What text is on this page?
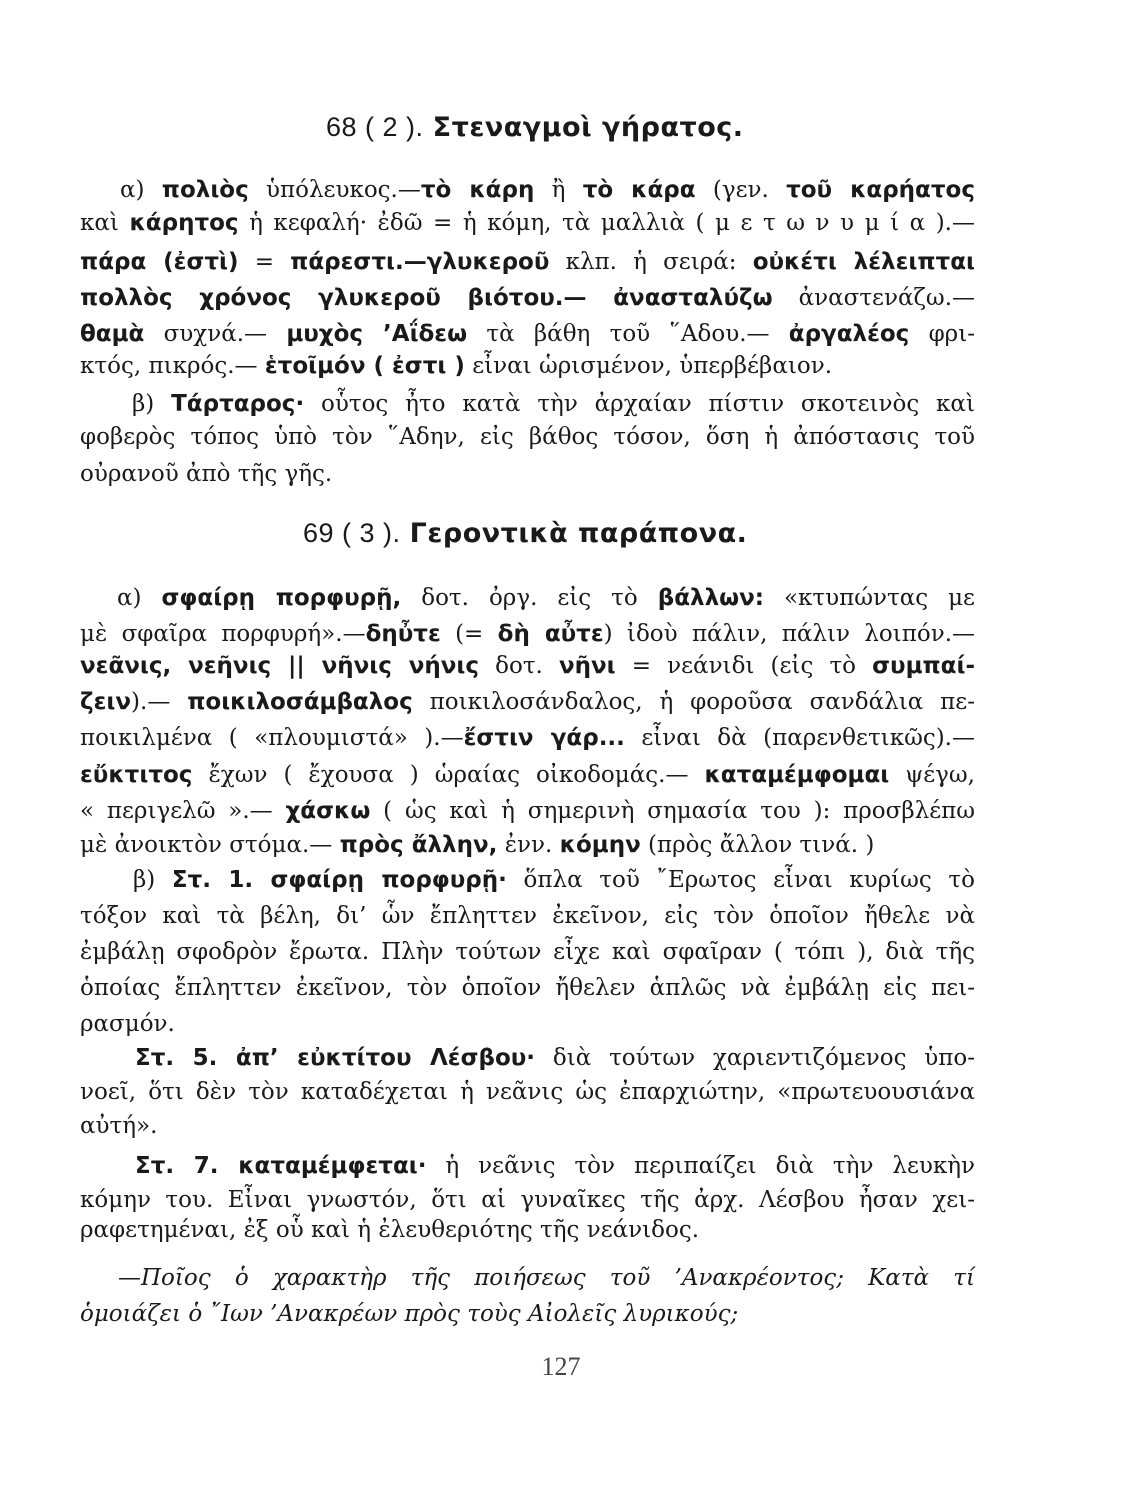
68 ( 2 ). Στεναγμοὶ γήρατος.
α) πολιὸς ὑπόλευκος.—τὸ κάρη ἢ τὸ κάρα (γεν. τοῦ καρήατος
καὶ κάρητος ἡ κεφαλή· ἐδῶ = ἡ κόμη, τὰ μαλλιὰ ( μ ε τ ω ν υ μ ί α ).—
πάρα (ἐστὶ) = πάρεστι.—γλυκεροῦ κλπ. ἡ σειρά: οὐκέτι λέλειπται
πολλὸς χρόνος γλυκεροῦ βιότου.— ἀνασταλύζω ἀναστενάζω.—
θαμὰ συχνά.— μυχὸς ’Αΐδεω τὰ βάθη τοῦ ῞Αδου.— ἀργαλέος φρι-
κτός, πικρός.— ἑτοῖμόν ( ἐστι ) εἶναι ὡρισμένον, ὑπερβέβαιον.
β) Τάρταρος· οὗτος ἦτο κατὰ τὴν ἀρχαίαν πίστιν σκοτεινὸς καὶ
φοβερὸς τόπος ὑπὸ τὸν ῞Αδην, εἰς βάθος τόσον, ὅση ἡ ἀπόστασις τοῦ
οὐρανοῦ ἀπὸ τῆς γῆς.
69 ( 3 ). Γεροντικὰ παράπονα.
α) σφαίρῃ πορφυρῇ, δοτ. ὀργ. εἰς τὸ βάλλων: «κτυπώντας με
μὲ σφαῖρα πορφυρή».—δηὖτε (= δὴ αὖτε) ἰδοὺ πάλιν, πάλιν λοιπόν.—
νεᾶνις, νεῆνις || νῆνις νήνις δοτ. νῆνι = νεάνιδι (εἰς τὸ συμπαί-
ζειν).— ποικιλοσάμβαλος ποικιλοσάνδαλος, ἡ φοροῦσα σανδάλια πε-
ποικιλμένα ( «πλουμιστά» ).—ἔστιν γάρ... εἶναι δὰ (παρενθετικῶς).—
εὔκτιτος ἔχων ( ἔχουσα ) ὡραίας οἰκοδομάς.— καταμέμφομαι ψέγω,
« περιγελῶ ».— χάσκω ( ὡς καὶ ἡ σημερινὴ σημασία του ): προσβλέπω
μὲ ἀνοικτὸν στόμα.— πρὸς ἄλλην, ἐνν. κόμην (πρὸς ἄλλον τινά. )
β) Στ. 1. σφαίρῃ πορφυρῇ· ὅπλα τοῦ ῎Ερωτος εἶναι κυρίως τὸ
τόξον καὶ τὰ βέλη, δι’ ὧν ἔπληττεν ἐκεῖνον, εἰς τὸν ὁποῖον ἤθελε νὰ
ἐμβάλῃ σφοδρὸν ἔρωτα. Πλὴν τούτων εἶχε καὶ σφαῖραν ( τόπι ), διὰ τῆς
ὁποίας ἔπληττεν ἐκεῖνον, τὸν ὁποῖον ἤθελεν ἁπλῶς νὰ ἐμβάλῃ εἰς πει-
ρασμόν.
Στ. 5. ἀπ’ εὐκτίτου Λέσβου· διὰ τούτων χαριεντιζόμενος ὑπο-
νοεῖ, ὅτι δὲν τὸν καταδέχεται ἡ νεᾶνις ὡς ἐπαρχιώτην, «πρωτευουσιάνα
αὐτή».
Στ. 7. καταμέμφεται· ἡ νεᾶνις τὸν περιπαίζει διὰ τὴν λευκὴν
κόμην του. Εἶναι γνωστόν, ὅτι αἱ γυναῖκες τῆς ἀρχ. Λέσβου ἦσαν χει-
ραφετημέναι, ἐξ οὗ καὶ ἡ ἐλευθεριότης τῆς νεάνιδος.
—Ποῖος ὁ χαρακτὴρ τῆς ποιήσεως τοῦ ’Ανακρέοντος; Κατὰ τί
ὁμοιάζει ὁ ῎Ιων ’Ανακρέων πρὸς τοὺς Αἰολεῖς λυρικούς;
127
